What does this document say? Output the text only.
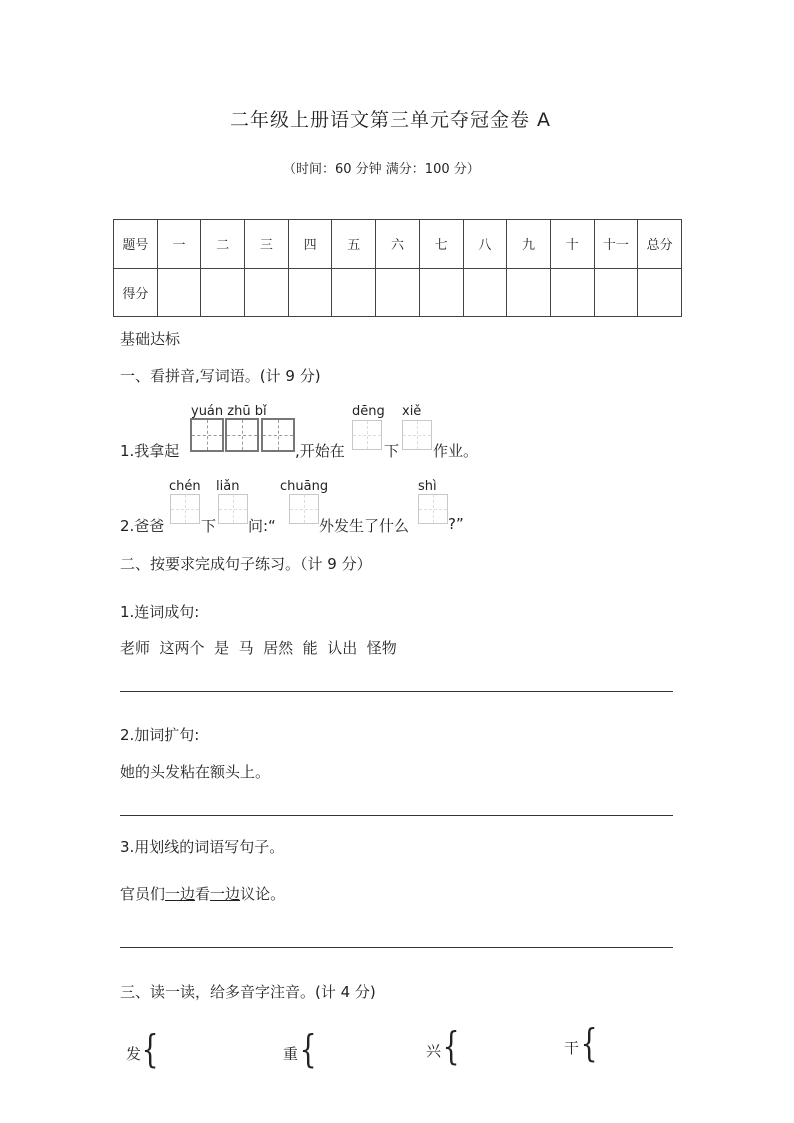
二年级上册语文第三单元夺冠金卷 A
（时间：60 分钟 满分：100 分）
题号	一	二	三	四	五	六	七	八	九	十	十一	总分
得分												
基础达标
一、看拼音,写词语。(计 9 分)
yuán zhū bǐ	dēng xiě
1.我拿起	,开始在	下 作业。
chén liǎn	chuāng	shì
2.爸爸 下 问:“	外发生了什么	?”
二、按要求完成句子练习。（计 9 分）
1.连词成句:
老师  这两个  是  马  居然  能  认出  怪物
2.加词扩句:
她的头发粘在额头上。
3.用划线的词语写句子。
官员们一边看一边议论。
三、读一读，给多音字注音。(计 4 分)
发 {	重 {	兴 {	干 {
